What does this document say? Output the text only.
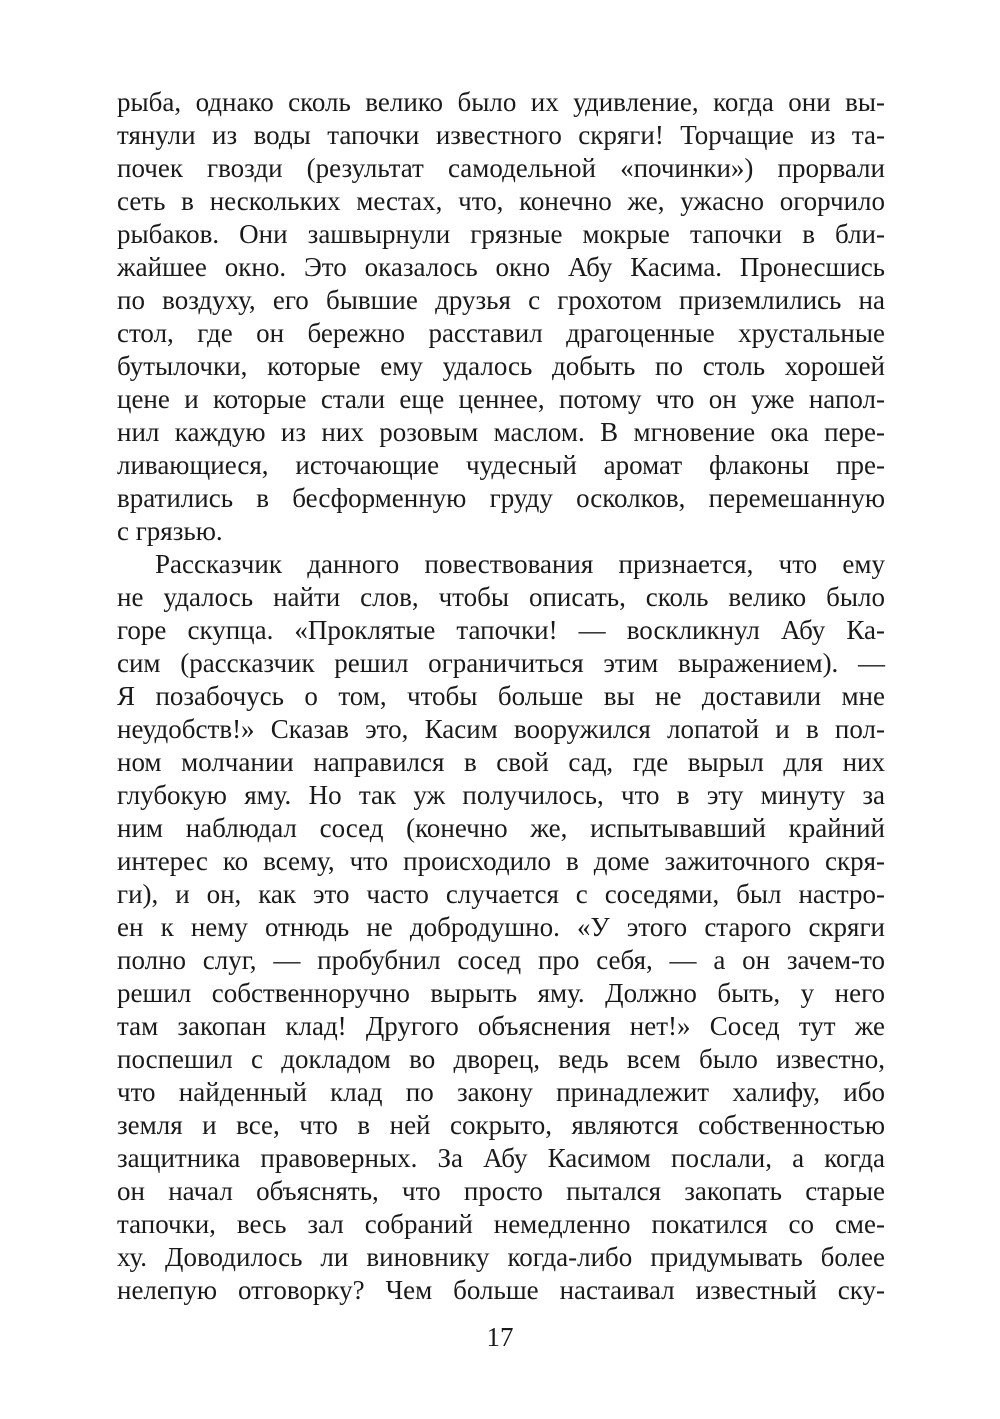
рыба, однако сколь велико было их удивление, когда они вы-
тянули из воды тапочки известного скряги! Торчащие из та-
почек гвозди (результат самодельной «починки») прорвали
сеть в нескольких местах, что, конечно же, ужасно огорчило
рыбаков. Они зашвырнули грязные мокрые тапочки в бли-
жайшее окно. Это оказалось окно Абу Касима. Пронесшись
по воздуху, его бывшие друзья с грохотом приземлились на
стол, где он бережно расставил драгоценные хрустальные
бутылочки, которые ему удалось добыть по столь хорошей
цене и которые стали еще ценнее, потому что он уже напол-
нил каждую из них розовым маслом. В мгновение ока пере-
ливающиеся, источающие чудесный аромат флаконы пре-
вратились в бесформенную груду осколков, перемешанную
с грязью.
Рассказчик данного повествования признается, что ему
не удалось найти слов, чтобы описать, сколь велико было
горе скупца. «Проклятые тапочки! — воскликнул Абу Ка-
сим (рассказчик решил ограничиться этим выражением). —
Я позабочусь о том, чтобы больше вы не доставили мне
неудобств!» Сказав это, Касим вооружился лопатой и в пол-
ном молчании направился в свой сад, где вырыл для них
глубокую яму. Но так уж получилось, что в эту минуту за
ним наблюдал сосед (конечно же, испытывавший крайний
интерес ко всему, что происходило в доме зажиточного скря-
ги), и он, как это часто случается с соседями, был настро-
ен к нему отнюдь не добродушно. «У этого старого скряги
полно слуг, — пробубнил сосед про себя, — а он зачем-то
решил собственноручно вырыть яму. Должно быть, у него
там закопан клад! Другого объяснения нет!» Сосед тут же
поспешил с докладом во дворец, ведь всем было известно,
что найденный клад по закону принадлежит халифу, ибо
земля и все, что в ней сокрыто, являются собственностью
защитника правоверных. За Абу Касимом послали, а когда
он начал объяснять, что просто пытался закопать старые
тапочки, весь зал собраний немедленно покатился со сме-
ху. Доводилось ли виновнику когда-либо придумывать более
нелепую отговорку? Чем больше настаивал известный ску-
17
